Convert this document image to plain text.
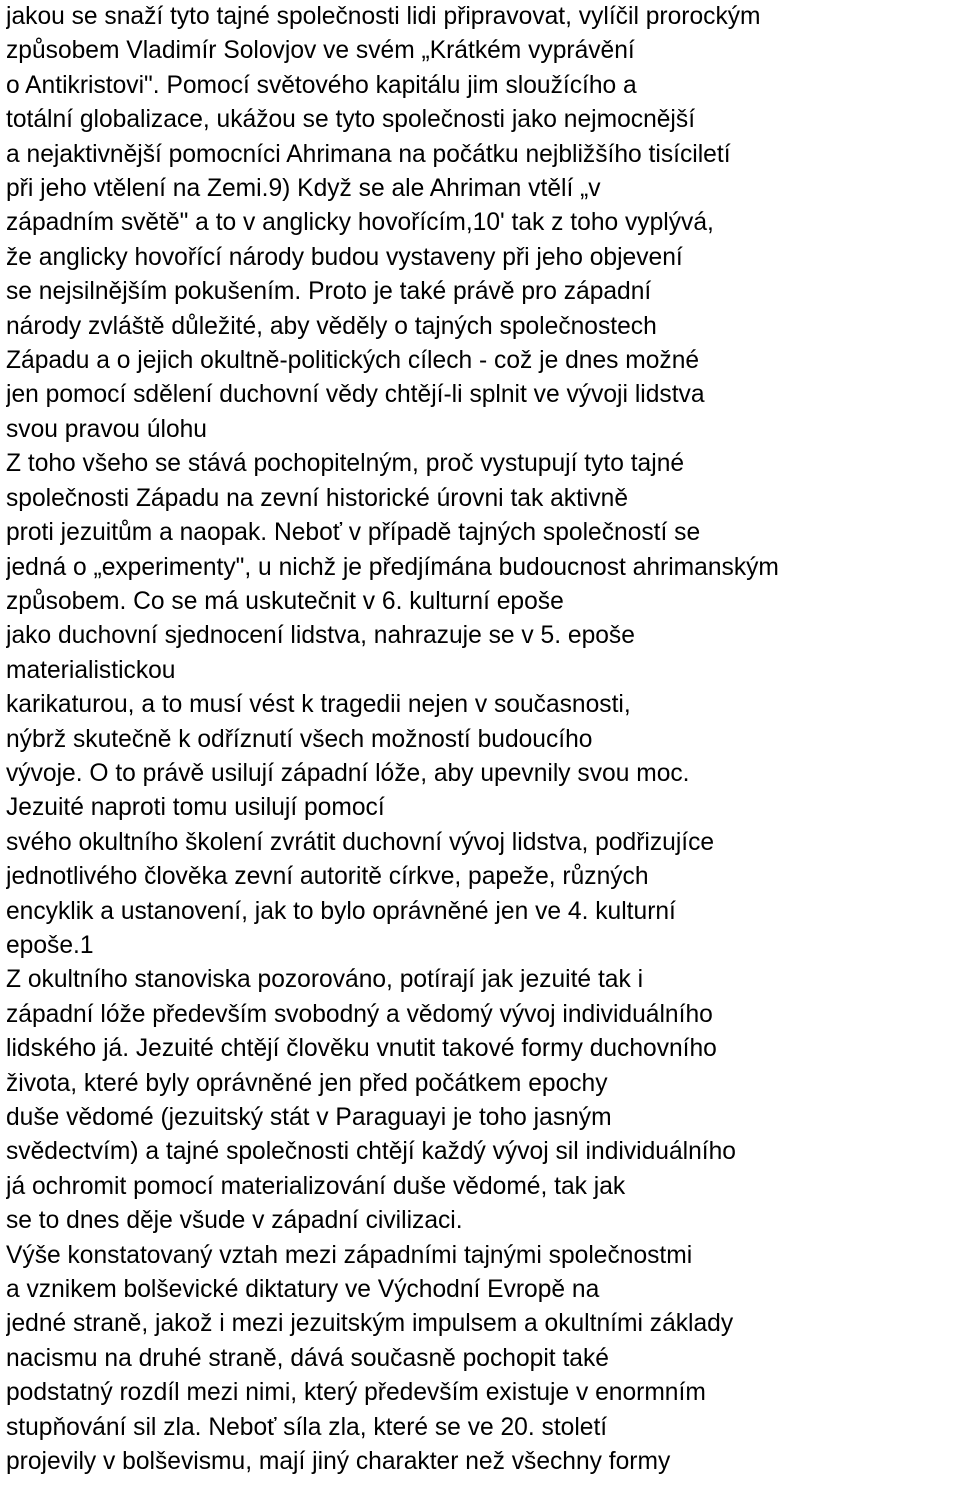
jakou se snaží tyto tajné společnosti lidi připravovat, vylíčil prorockým

způsobem Vladimír Solovjov ve svém „Krátkém vyprávění

o Antikristovi". Pomocí světového kapitálu jim sloužícího a

totální globalizace, ukážou se tyto společnosti jako nejmocnější

a nejaktivnější pomocníci Ahrimana na počátku nejbližšího tisíciletí

při jeho vtělení na Zemi.9) Když se ale Ahriman vtělí „v

západním světě" a to v anglicky hovořícím,10' tak z toho vyplývá,

že anglicky hovořící národy budou vystaveny při jeho objevení

se nejsilnějším pokušením. Proto je také právě pro západní

národy zvláště důležité, aby věděly o tajných společnostech

Západu a o jejich okultně-politických cílech - což je dnes možné

jen pomocí sdělení duchovní vědy chtějí-li splnit ve vývoji lidstva

svou pravou úlohu

Z toho všeho se stává pochopitelným, proč vystupují tyto tajné

společnosti Západu na zevní historické úrovni tak aktivně

proti jezuitům a naopak. Neboť v případě tajných společností se

jedná o „experimenty", u nichž je předjímána budoucnost ahrimanským

způsobem. Co se má uskutečnit v 6. kulturní epoše

jako duchovní sjednocení lidstva, nahrazuje se v 5. epoše

materialistickou

karikaturou, a to musí vést k tragedii nejen v současnosti,

nýbrž skutečně k odříznutí všech možností budoucího

vývoje. O to právě usilují západní lóže, aby upevnily svou moc.

Jezuité naproti tomu usilují pomocí

svého okultního školení zvrátit duchovní vývoj lidstva, podřizujíce

jednotlivého člověka zevní autoritě církve, papeže, různých

encyklik a ustanovení, jak to bylo oprávněné jen ve 4. kulturní

epoše.1

Z okultního stanoviska pozorováno, potírají jak jezuité tak i

západní lóže především svobodný a vědomý vývoj individuálního

lidského já. Jezuité chtějí člověku vnutit takové formy duchovního

života, které byly oprávněné jen před počátkem epochy

duše vědomé (jezuitský stát v Paraguayi je toho jasným

svědectvím) a tajné společnosti chtějí každý vývoj sil individuálního

já ochromit pomocí materializování duše vědomé, tak jak

se to dnes děje všude v západní civilizaci.

Výše konstatovaný vztah mezi západními tajnými společnostmi

a vznikem bolševické diktatury ve Východní Evropě na

jedné straně, jakož i mezi jezuitským impulsem a okultními základy

nacismu na druhé straně, dává současně pochopit také

podstatný rozdíl mezi nimi, který především existuje v enormním

stupňování sil zla. Neboť síla zla, které se ve 20. století

projevily v bolševismu, mají jiný charakter než všechny formy
